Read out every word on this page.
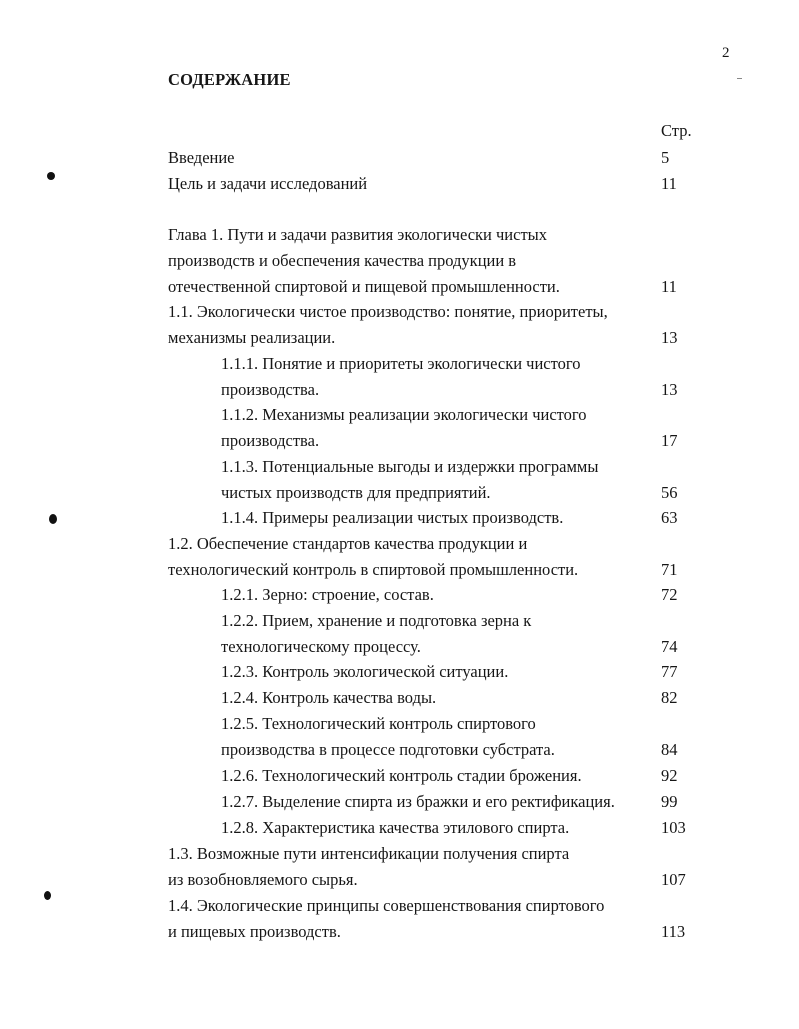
2
СОДЕРЖАНИЕ
Стр.
Введение	5
Цель и задачи исследований	11
Глава 1. Пути и задачи развития экологически чистых
производств и обеспечения качества продукции в
отечественной спиртовой и пищевой промышленности.	11
1.1. Экологически чистое производство: понятие, приоритеты,
механизмы реализации.	13
1.1.1. Понятие и приоритеты экологически чистого
производства.	13
1.1.2. Механизмы реализации экологически чистого
производства.	17
1.1.3. Потенциальные выгоды и издержки программы
чистых производств для предприятий.	56
1.1.4. Примеры реализации чистых производств.	63
1.2. Обеспечение стандартов качества продукции и
технологический контроль в спиртовой промышленности.	71
1.2.1. Зерно: строение, состав.	72
1.2.2. Прием, хранение и подготовка зерна к
технологическому процессу.	74
1.2.3. Контроль экологической ситуации.	77
1.2.4. Контроль качества воды.	82
1.2.5. Технологический контроль спиртового
производства в процессе подготовки субстрата.	84
1.2.6. Технологический контроль стадии брожения.	92
1.2.7. Выделение спирта из бражки и его ректификация.	99
1.2.8. Характеристика качества этилового спирта.	103
1.3. Возможные пути интенсификации получения спирта
из возобновляемого сырья.	107
1.4. Экологические принципы совершенствования спиртового
и пищевых производств.	113
